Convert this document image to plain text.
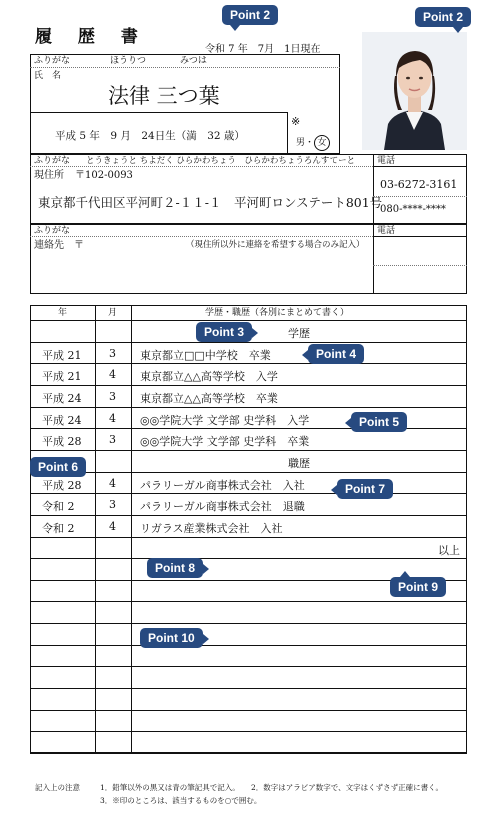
履 歴 書
令和 7 年　7月　1日現在
ふりがな	ほうりつ	みつは
氏　名
法律 三つ葉
平成 5 年　9 月　24日生（満　32 歳）
※
男・ 女
ふりがな とうきょうと ちよだく ひらかわちょう　ひらかわちょうろんすてーと 電話
現住所 〒102-0093
東京都千代田区平河町２-１１-１　平河町ロンステート801号
03-6272-3161
080-****-****
ふりがな	電話
連絡先　〒	（現住所以外に連絡を希望する場合のみ記入）
年	月	学歴・職歴（各別にまとめて書く）
学歴
平成 21	3 東京都立□□中学校　卒業
平成 21	4 東京都立△△高等学校　入学
平成 24	3 東京都立△△高等学校　卒業
平成 24	4 ◎◎学院大学 文学部 史学科　入学
平成 28	3 ◎◎学院大学 文学部 史学科　卒業
職歴
平成 28	4 パラリーガル商事株式会社　入社
令和 2	3 パラリーガル商事株式会社　退職
令和 2	4 リガラス産業株式会社　入社
以上
記入上の注意	1．鉛筆以外の黒又は青の筆記具で記入。　　2．数字はアラビア数字で、文字はくずさず正確に書く。
3．※印のところは、該当するものを○で囲む。
Point 2	Point 2
Point 3
Point 4
Point 5
Point 6
Point 7
Point 8
Point 9
Point 10
